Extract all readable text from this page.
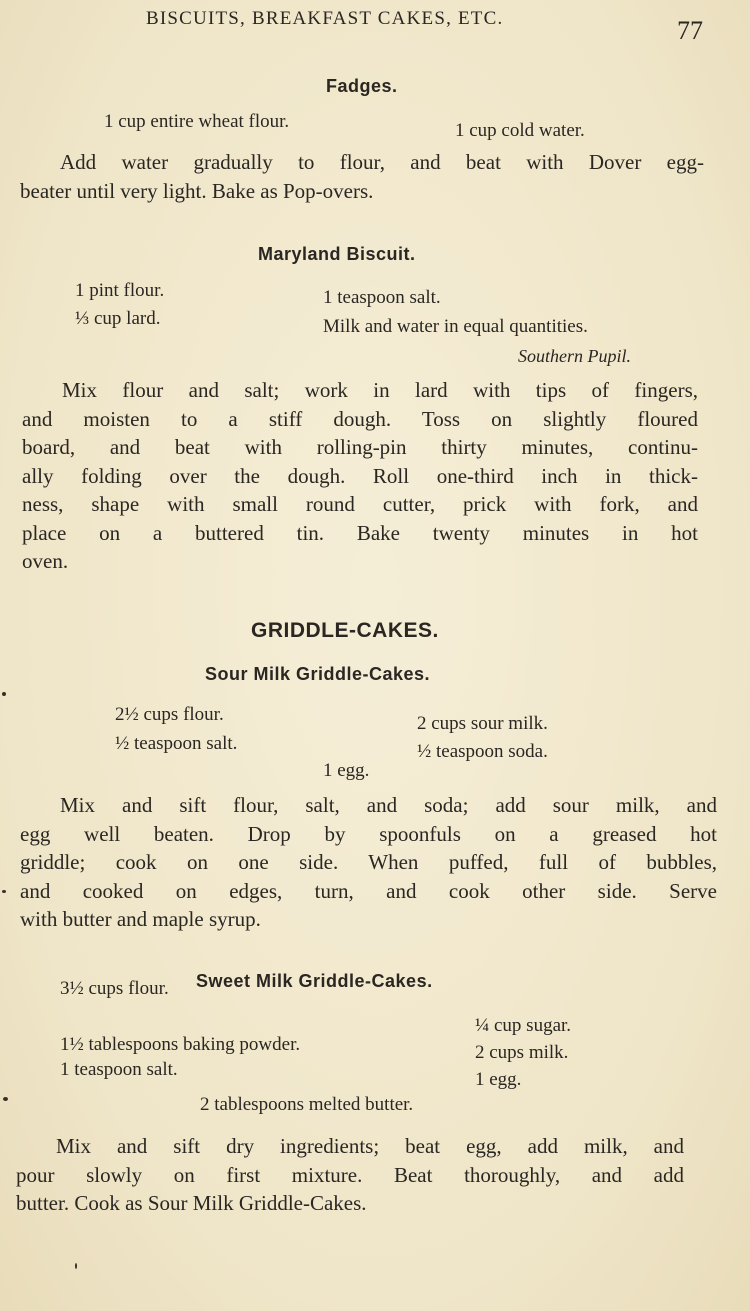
BISCUITS, BREAKFAST CAKES, ETC.	77
Fadges.
1 cup entire wheat flour.	1 cup cold water.
Add water gradually to flour, and beat with Dover egg-
beater until very light. Bake as Pop-overs.
Maryland Biscuit.
1 pint flour.
⅓ cup lard.
1 teaspoon salt.
Milk and water in equal quantities.
Southern Pupil.
Mix flour and salt; work in lard with tips of fingers,
and moisten to a stiff dough. Toss on slightly floured
board, and beat with rolling-pin thirty minutes, continu-
ally folding over the dough. Roll one-third inch in thick-
ness, shape with small round cutter, prick with fork, and
place on a buttered tin. Bake twenty minutes in hot
oven.
GRIDDLE-CAKES.
Sour Milk Griddle-Cakes.
2½ cups flour.
½ teaspoon salt.
2 cups sour milk.
½ teaspoon soda.
1 egg.
Mix and sift flour, salt, and soda; add sour milk, and
egg well beaten. Drop by spoonfuls on a greased hot
griddle; cook on one side. When puffed, full of bubbles,
and cooked on edges, turn, and cook other side. Serve
with butter and maple syrup.
Sweet Milk Griddle-Cakes.
3½ cups flour.
1½ tablespoons baking powder.
1 teaspoon salt.
¼ cup sugar.
2 cups milk.
1 egg.
2 tablespoons melted butter.
Mix and sift dry ingredients; beat egg, add milk, and
pour slowly on first mixture. Beat thoroughly, and add
butter. Cook as Sour Milk Griddle-Cakes.
